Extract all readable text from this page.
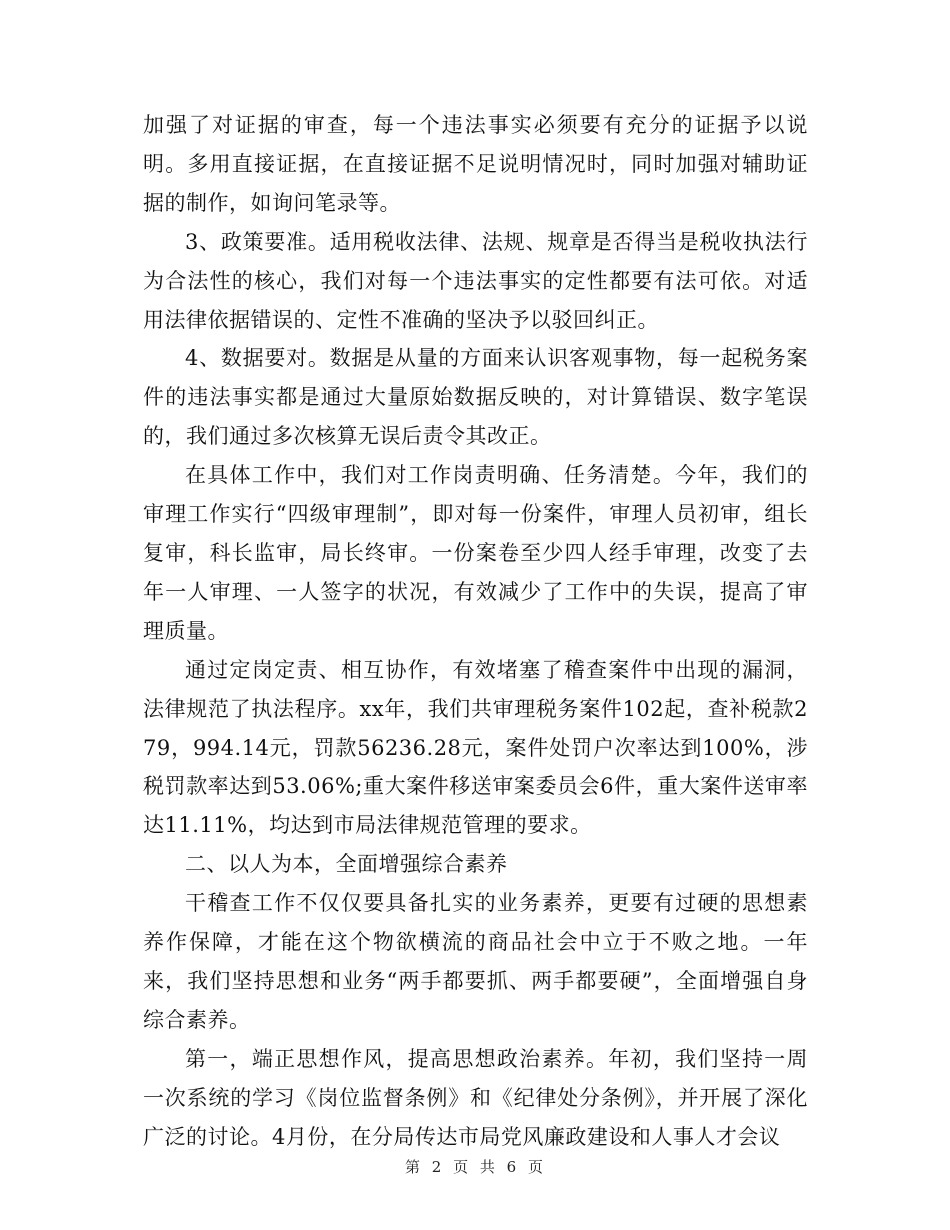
加强了对证据的审查，每一个违法事实必须要有充分的证据予以说明。多用直接证据，在直接证据不足说明情况时，同时加强对辅助证据的制作，如询问笔录等。

3、政策要准。适用税收法律、法规、规章是否得当是税收执法行为合法性的核心，我们对每一个违法事实的定性都要有法可依。对适用法律依据错误的、定性不准确的坚决予以驳回纠正。

4、数据要对。数据是从量的方面来认识客观事物，每一起税务案件的违法事实都是通过大量原始数据反映的，对计算错误、数字笔误的，我们通过多次核算无误后责令其改正。

在具体工作中，我们对工作岗责明确、任务清楚。今年，我们的审理工作实行“四级审理制”，即对每一份案件，审理人员初审，组长复审，科长监审，局长终审。一份案卷至少四人经手审理，改变了去年一人审理、一人签字的状况，有效减少了工作中的失误，提高了审理质量。

通过定岗定责、相互协作，有效堵塞了稽查案件中出现的漏洞，法律规范了执法程序。xx年，我们共审理税务案件102起，查补税款279，994.14元，罚款56236.28元，案件处罚户次率达到100%，涉税罚款率达到53.06%;重大案件移送审案委员会6件，重大案件送审率达11.11%，均达到市局法律规范管理的要求。

二、以人为本，全面增强综合素养

干稽查工作不仅仅要具备扎实的业务素养，更要有过硬的思想素养作保障，才能在这个物欲横流的商品社会中立于不败之地。一年来，我们坚持思想和业务“两手都要抓、两手都要硬”，全面增强自身综合素养。

第一，端正思想作风，提高思想政治素养。年初，我们坚持一周一次系统的学习《岗位监督条例》和《纪律处分条例》，并开展了深化广泛的讨论。4月份，在分局传达市局党风廉政建设和人事人才会议

第 2 页 共 6 页
